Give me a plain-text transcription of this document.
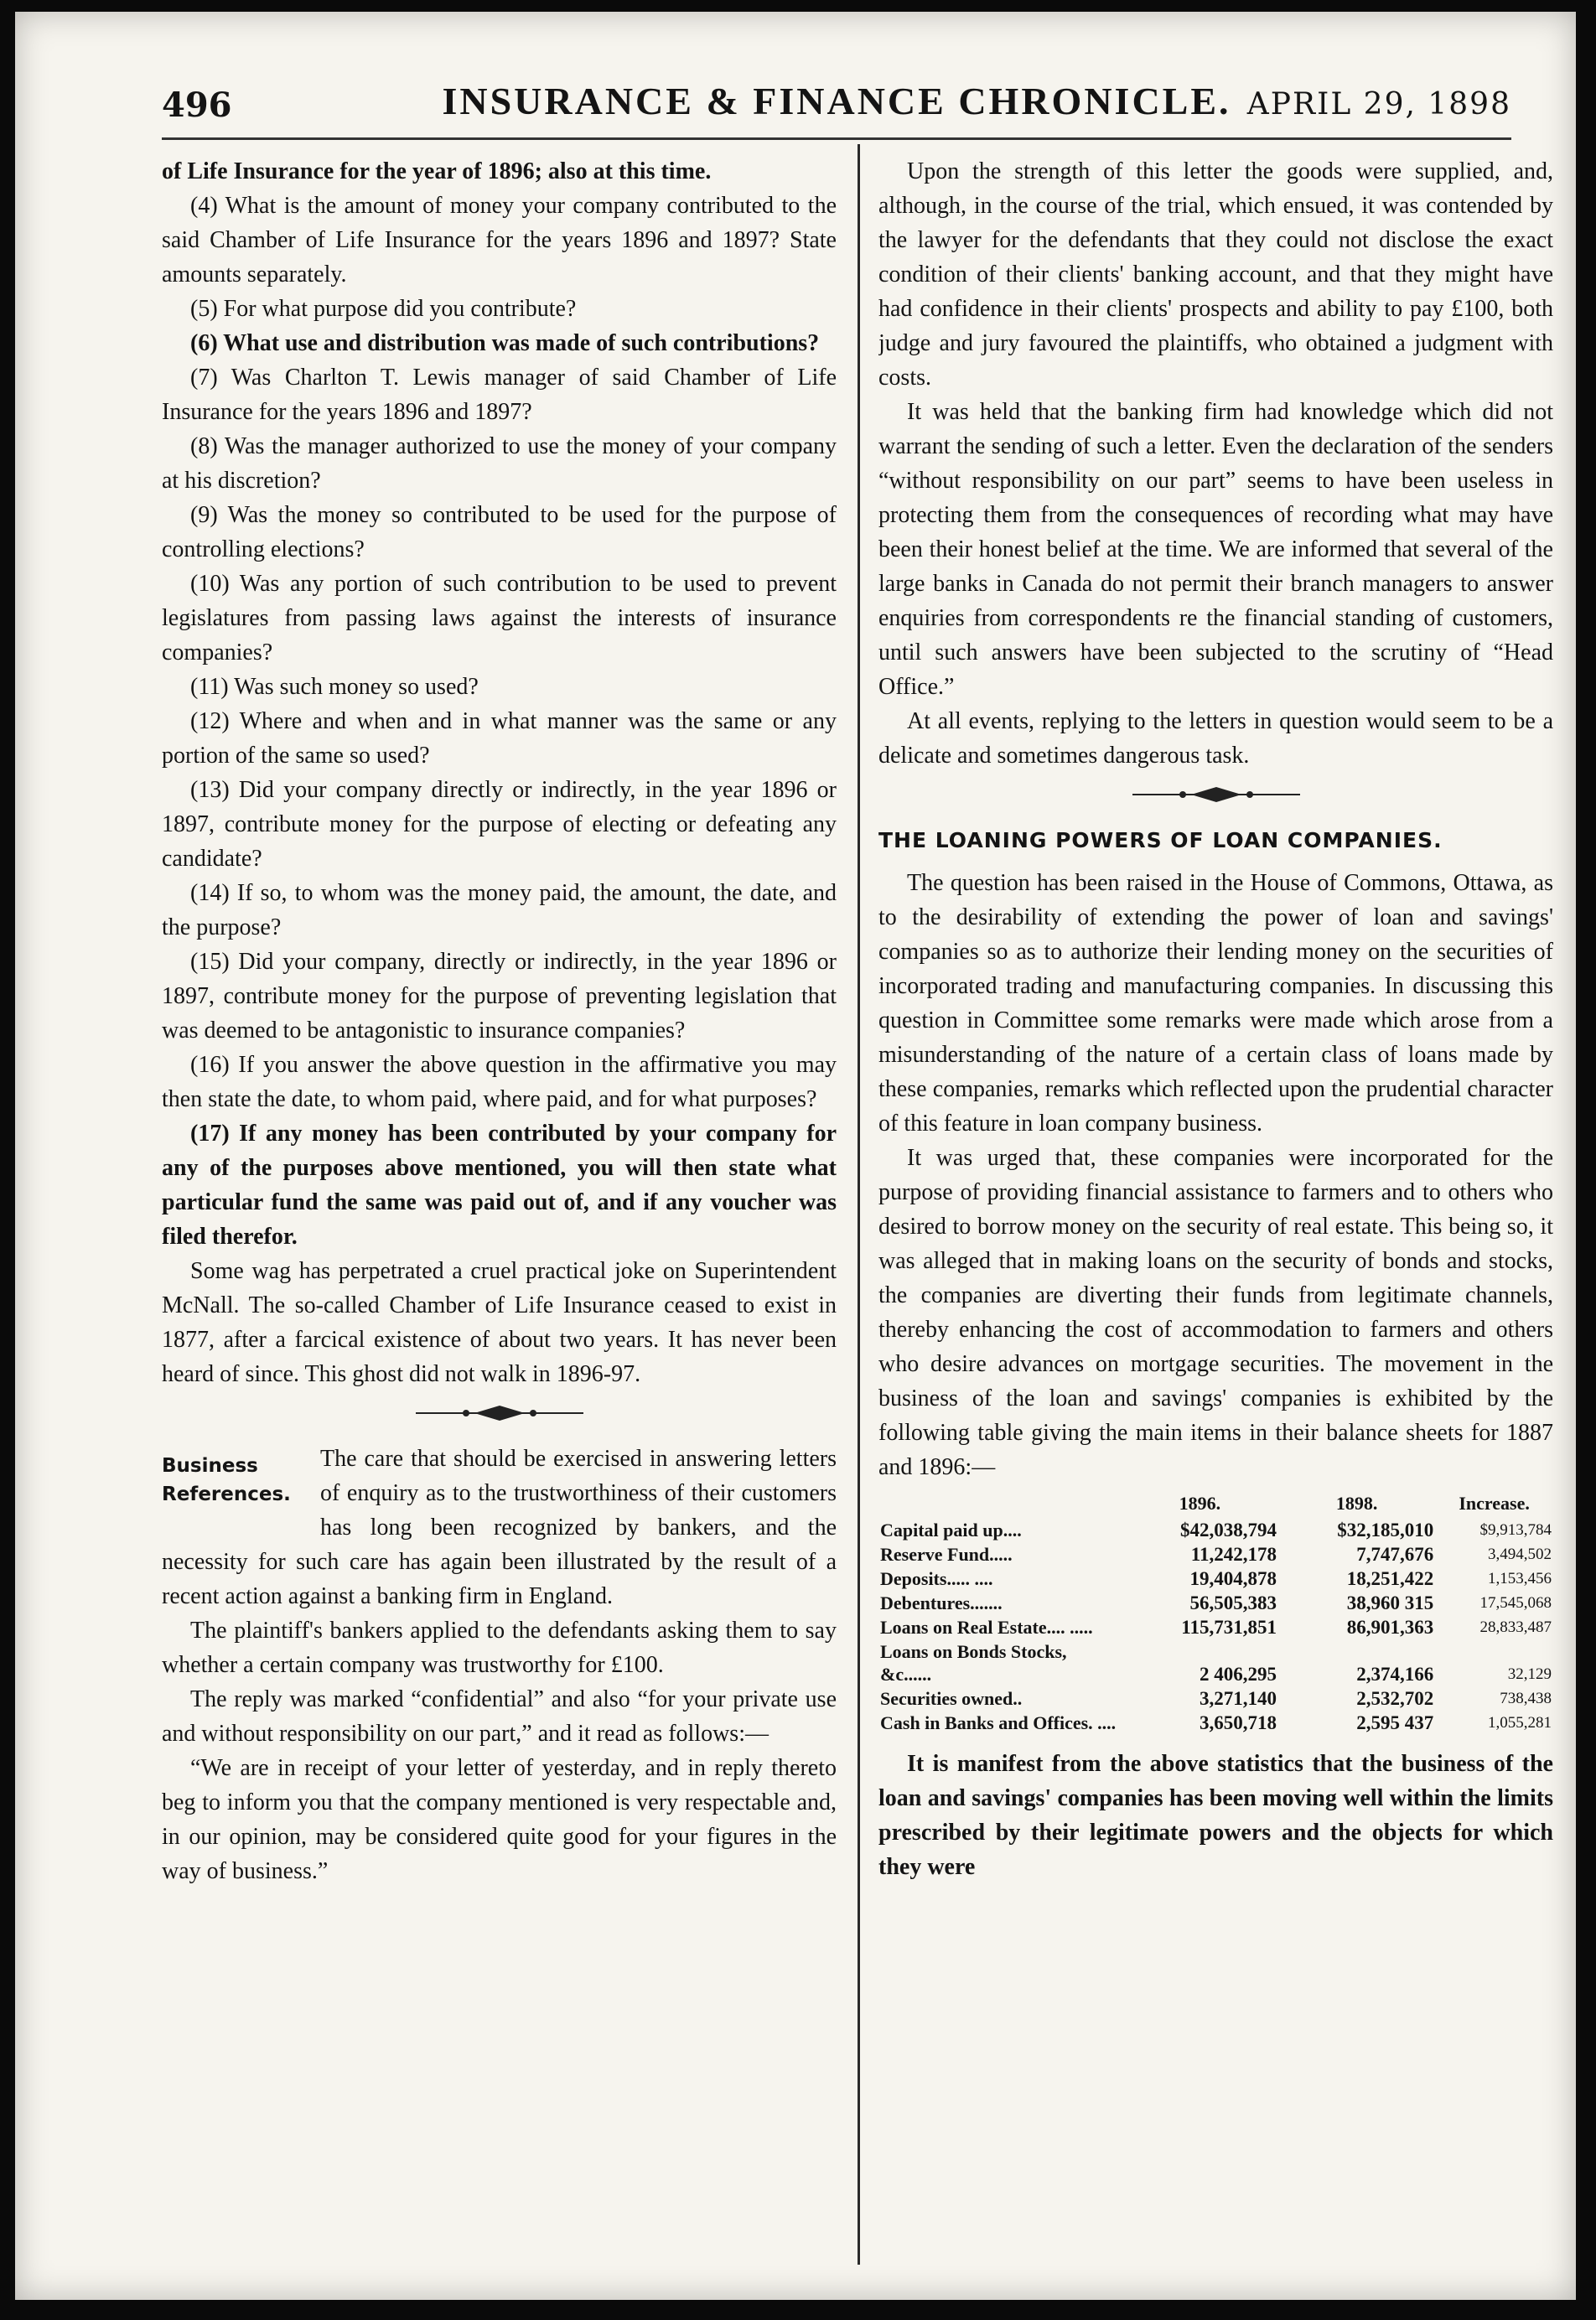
496	INSURANCE & FINANCE CHRONICLE. APRIL 29, 1898

of Life Insurance for the year of 1896; also at this time.

(4) What is the amount of money your company contributed to the said Chamber of Life Insurance for the years 1896 and 1897? State amounts separately.

(5) For what purpose did you contribute?

(6) What use and distribution was made of such contributions?

(7) Was Charlton T. Lewis manager of said Chamber of Life Insurance for the years 1896 and 1897?

(8) Was the manager authorized to use the money of your company at his discretion?

(9) Was the money so contributed to be used for the purpose of controlling elections?

(10) Was any portion of such contribution to be used to prevent legislatures from passing laws against the interests of insurance companies?

(11) Was such money so used?

(12) Where and when and in what manner was the same or any portion of the same so used?

(13) Did your company directly or indirectly, in the year 1896 or 1897, contribute money for the purpose of electing or defeating any candidate?

(14) If so, to whom was the money paid, the amount, the date, and the purpose?

(15) Did your company, directly or indirectly, in the year 1896 or 1897, contribute money for the purpose of preventing legislation that was deemed to be antagonistic to insurance companies?

(16) If you answer the above question in the affirmative you may then state the date, to whom paid, where paid, and for what purposes?

(17) If any money has been contributed by your company for any of the purposes above mentioned, you will then state what particular fund the same was paid out of, and if any voucher was filed therefor.

Some wag has perpetrated a cruel practical joke on Superintendent McNall. The so-called Chamber of Life Insurance ceased to exist in 1877, after a farcical existence of about two years. It has never been heard of since. This ghost did not walk in 1896-97.

Business
References.

The care that should be exercised in answering letters of enquiry as to the trustworthiness of their customers has long been recognized by bankers, and the necessity for such care has again been illustrated by the result of a recent action against a banking firm in England.

The plaintiff's bankers applied to the defendants asking them to say whether a certain company was trustworthy for £100.

The reply was marked “confidential” and also “for your private use and without responsibility on our part,” and it read as follows:—

“We are in receipt of your letter of yesterday, and in reply thereto beg to inform you that the company mentioned is very respectable and, in our opinion, may be considered quite good for your figures in the way of business.”

Upon the strength of this letter the goods were supplied, and, although, in the course of the trial, which ensued, it was contended by the lawyer for the defendants that they could not disclose the exact condition of their clients' banking account, and that they might have had confidence in their clients' prospects and ability to pay £100, both judge and jury favoured the plaintiffs, who obtained a judgment with costs.

It was held that the banking firm had knowledge which did not warrant the sending of such a letter. Even the declaration of the senders “without responsibility on our part” seems to have been useless in protecting them from the consequences of recording what may have been their honest belief at the time. We are informed that several of the large banks in Canada do not permit their branch managers to answer enquiries from correspondents re the financial standing of customers, until such answers have been subjected to the scrutiny of “Head Office.”

At all events, replying to the letters in question would seem to be a delicate and sometimes dangerous task.

THE LOANING POWERS OF LOAN COMPANIES.

The question has been raised in the House of Commons, Ottawa, as to the desirability of extending the power of loan and savings' companies so as to authorize their lending money on the securities of incorporated trading and manufacturing companies. In discussing this question in Committee some remarks were made which arose from a misunderstanding of the nature of a certain class of loans made by these companies, remarks which reflected upon the prudential character of this feature in loan company business.

It was urged that, these companies were incorporated for the purpose of providing financial assistance to farmers and to others who desired to borrow money on the security of real estate. This being so, it was alleged that in making loans on the security of bonds and stocks, the companies are diverting their funds from legitimate channels, thereby enhancing the cost of accommodation to farmers and others who desire advances on mortgage securities. The movement in the business of the loan and savings' companies is exhibited by the following table giving the main items in their balance sheets for 1887 and 1896:—

	1896.	1898.	Increase.
Capital paid up....	$42,038,794	$32,185,010	$9,913,784
Reserve Fund.....	11,242,178	7,747,676	3,494,502
Deposits..... ....	19,404,878	18,251,422	1,153,456
Debentures.......	56,505,383	38,960 315	17,545,068
Loans on Real Estate.... .....	115,731,851	86,901,363	28,833,487
Loans on Bonds Stocks, &c......	2 406,295	2,374,166	32,129
Securities owned..	3,271,140	2,532,702	738,438
Cash in Banks and Offices. ....	3,650,718	2,595 437	1,055,281

It is manifest from the above statistics that the business of the loan and savings' companies has been moving well within the limits prescribed by their legitimate powers and the objects for which they were
